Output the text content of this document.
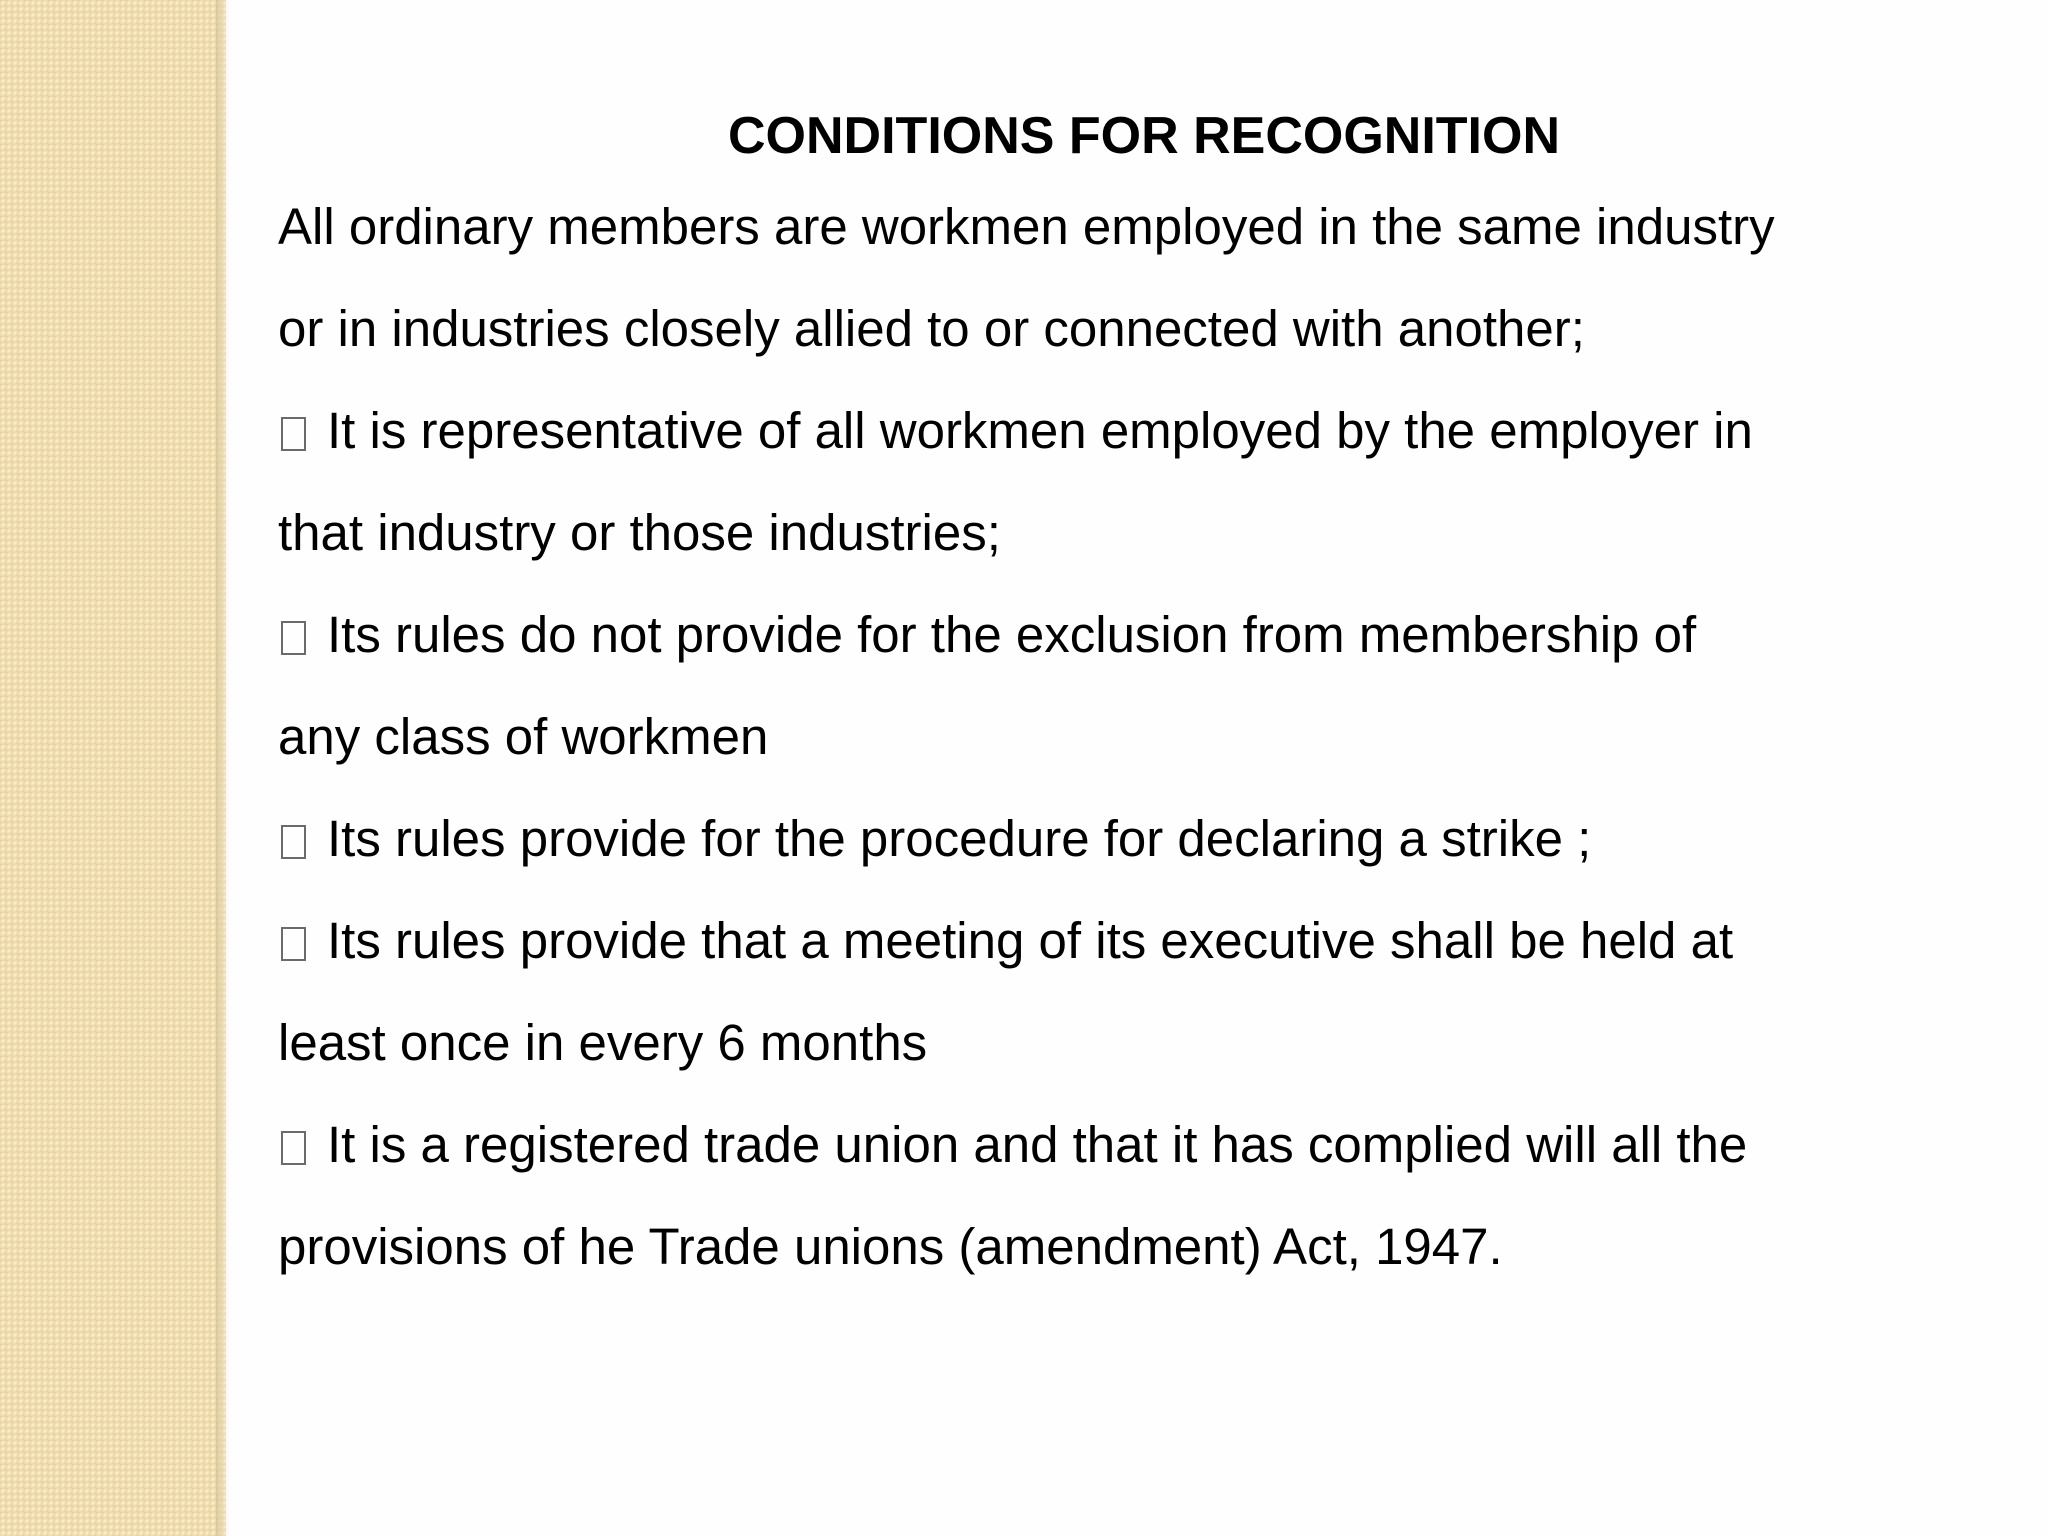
CONDITIONS FOR RECOGNITION
All ordinary members are workmen employed in the same industry
or in industries closely allied to or connected with another;
It is representative of all workmen employed by the employer in
that industry or those industries;
Its rules do not provide for the exclusion from membership of
any class of workmen
Its rules provide for the procedure for declaring a strike ;
Its rules provide that a meeting of its executive shall be held at
least once in every 6 months
It is a registered trade union and that it has complied will all the
provisions of he Trade unions (amendment) Act, 1947.
